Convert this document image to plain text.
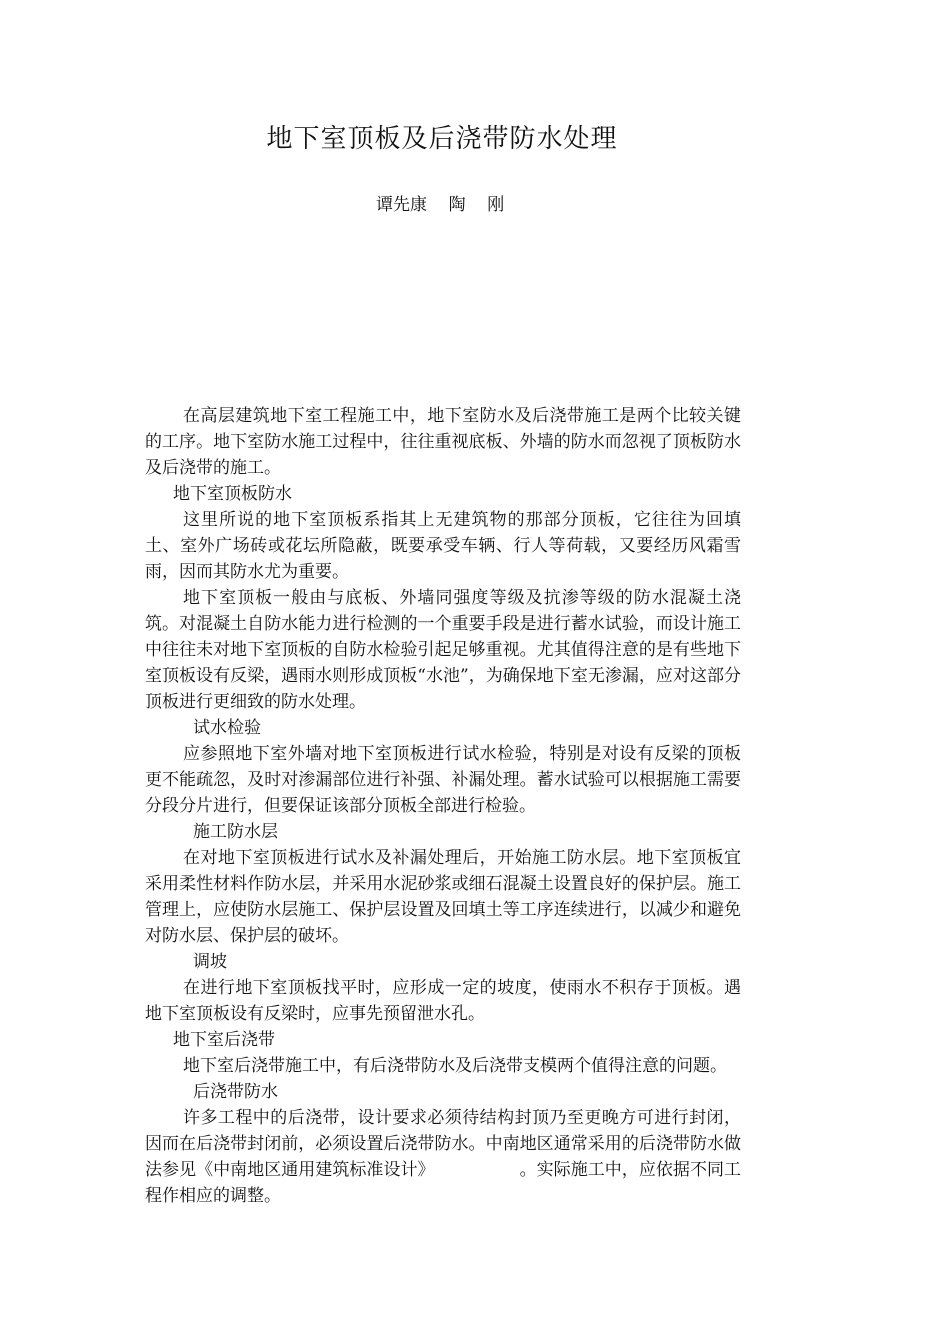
地下室顶板及后浇带防水处理
谭先康    陶    刚

在高层建筑地下室工程施工中，地下室防水及后浇带施工是两个比较关键的工序。地下室防水施工过程中，往往重视底板、外墙的防水而忽视了顶板防水及后浇带的施工。

地下室顶板防水

这里所说的地下室顶板系指其上无建筑物的那部分顶板，它往往为回填土、室外广场砖或花坛所隐蔽，既要承受车辆、行人等荷载，又要经历风霜雪雨，因而其防水尤为重要。

地下室顶板一般由与底板、外墙同强度等级及抗渗等级的防水混凝土浇筑。对混凝土自防水能力进行检测的一个重要手段是进行蓄水试验，而设计施工中往往未对地下室顶板的自防水检验引起足够重视。尤其值得注意的是有些地下室顶板设有反梁，遇雨水则形成顶板“水池”，为确保地下室无渗漏，应对这部分顶板进行更细致的防水处理。

试水检验

应参照地下室外墙对地下室顶板进行试水检验，特别是对设有反梁的顶板更不能疏忽，及时对渗漏部位进行补强、补漏处理。蓄水试验可以根据施工需要分段分片进行，但要保证该部分顶板全部进行检验。

施工防水层

在对地下室顶板进行试水及补漏处理后，开始施工防水层。地下室顶板宜采用柔性材料作防水层，并采用水泥砂浆或细石混凝土设置良好的保护层。施工管理上，应使防水层施工、保护层设置及回填土等工序连续进行，以减少和避免对防水层、保护层的破坏。

调坡

在进行地下室顶板找平时，应形成一定的坡度，使雨水不积存于顶板。遇地下室顶板设有反梁时，应事先预留泄水孔。

地下室后浇带

地下室后浇带施工中，有后浇带防水及后浇带支模两个值得注意的问题。

后浇带防水

许多工程中的后浇带，设计要求必须待结构封顶乃至更晚方可进行封闭，因而在后浇带封闭前，必须设置后浇带防水。中南地区通常采用的后浇带防水做法参见《中南地区通用建筑标准设计》	。实际施工中，应依据不同工程作相应的调整。
